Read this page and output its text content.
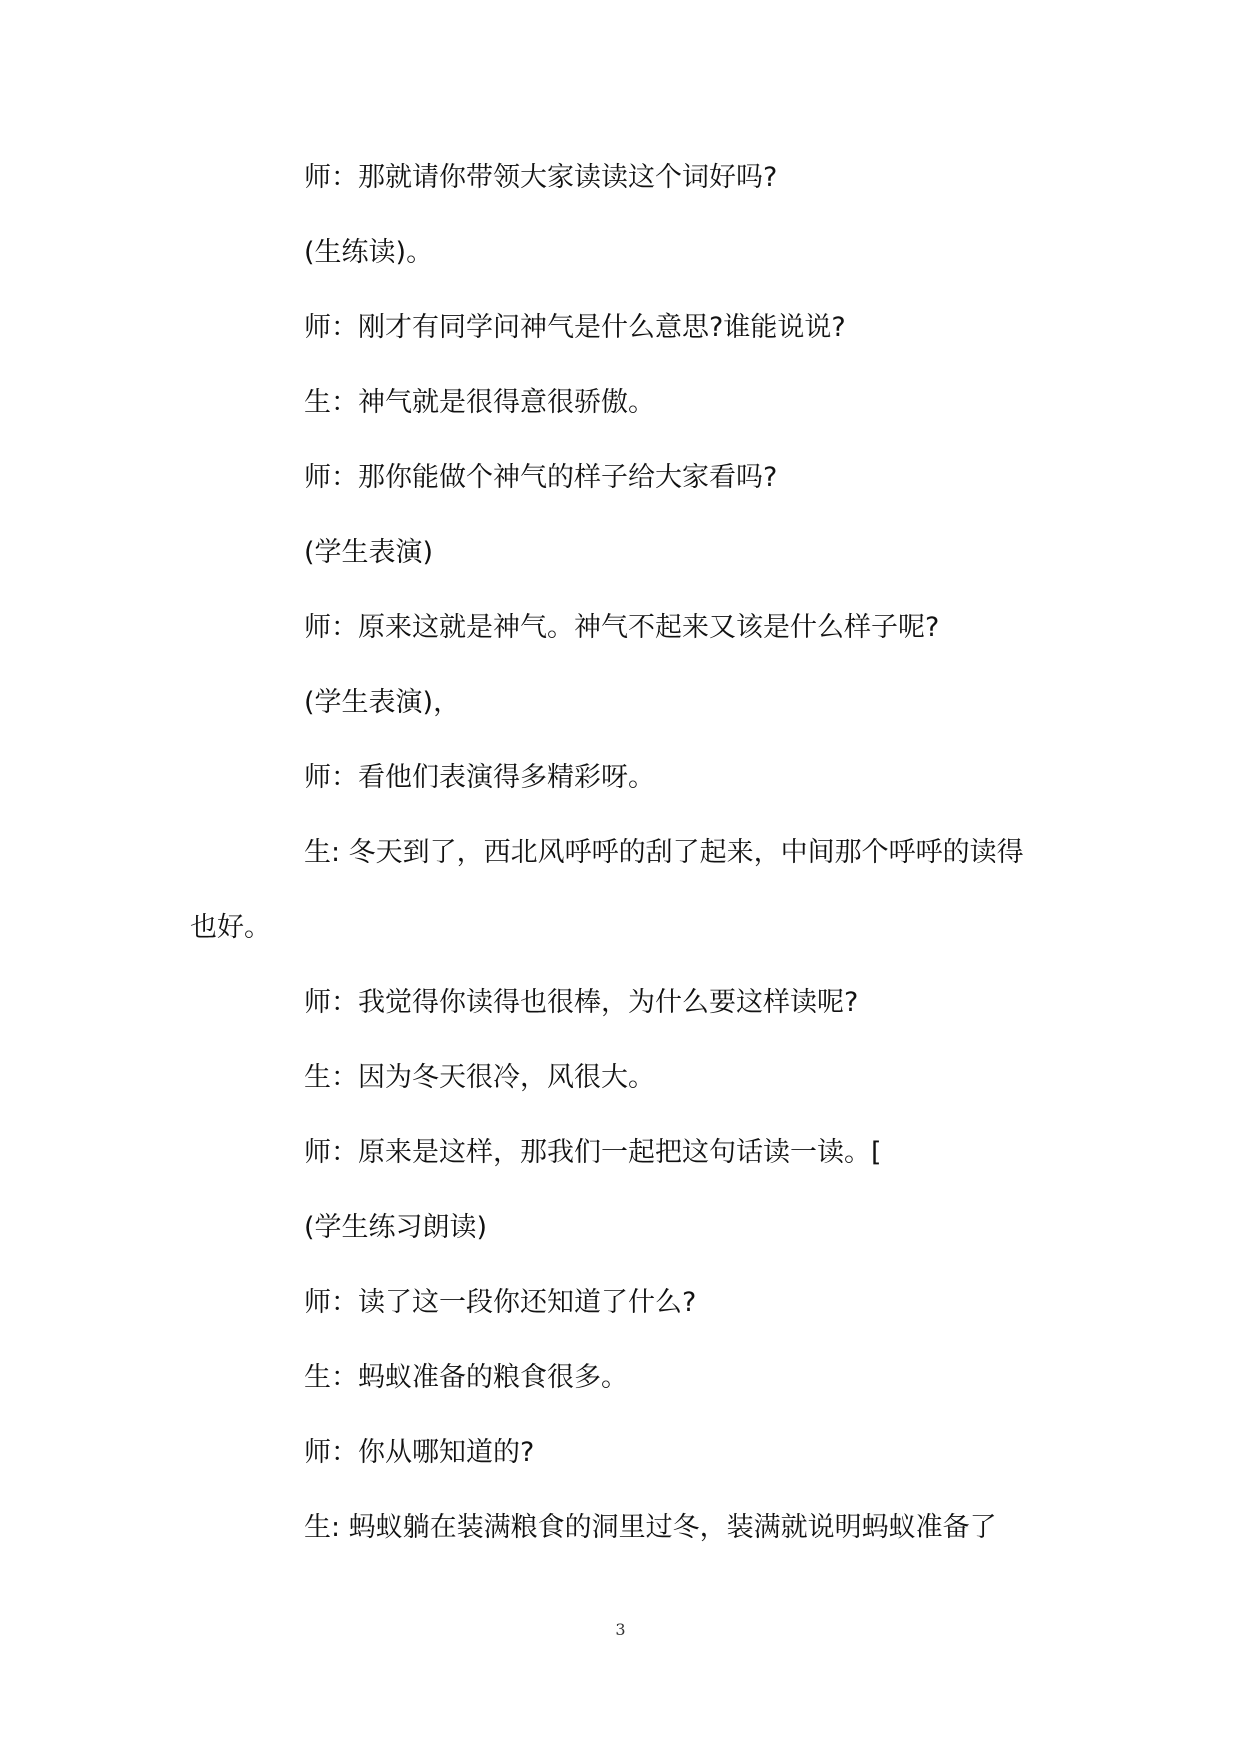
师：那就请你带领大家读读这个词好吗?

(生练读)。

师：刚才有同学问神气是什么意思?谁能说说?

生：神气就是很得意很骄傲。

师：那你能做个神气的样子给大家看吗?

(学生表演)

师：原来这就是神气。神气不起来又该是什么样子呢?

(学生表演)，

师：看他们表演得多精彩呀。

生: 冬天到了，西北风呼呼的刮了起来，中间那个呼呼的读得也好。

师：我觉得你读得也很棒，为什么要这样读呢?

生：因为冬天很冷，风很大。

师：原来是这样，那我们一起把这句话读一读。[

(学生练习朗读)

师：读了这一段你还知道了什么?

生：蚂蚁准备的粮食很多。

师：你从哪知道的?

生: 蚂蚁躺在装满粮食的洞里过冬，装满就说明蚂蚁准备了

3
